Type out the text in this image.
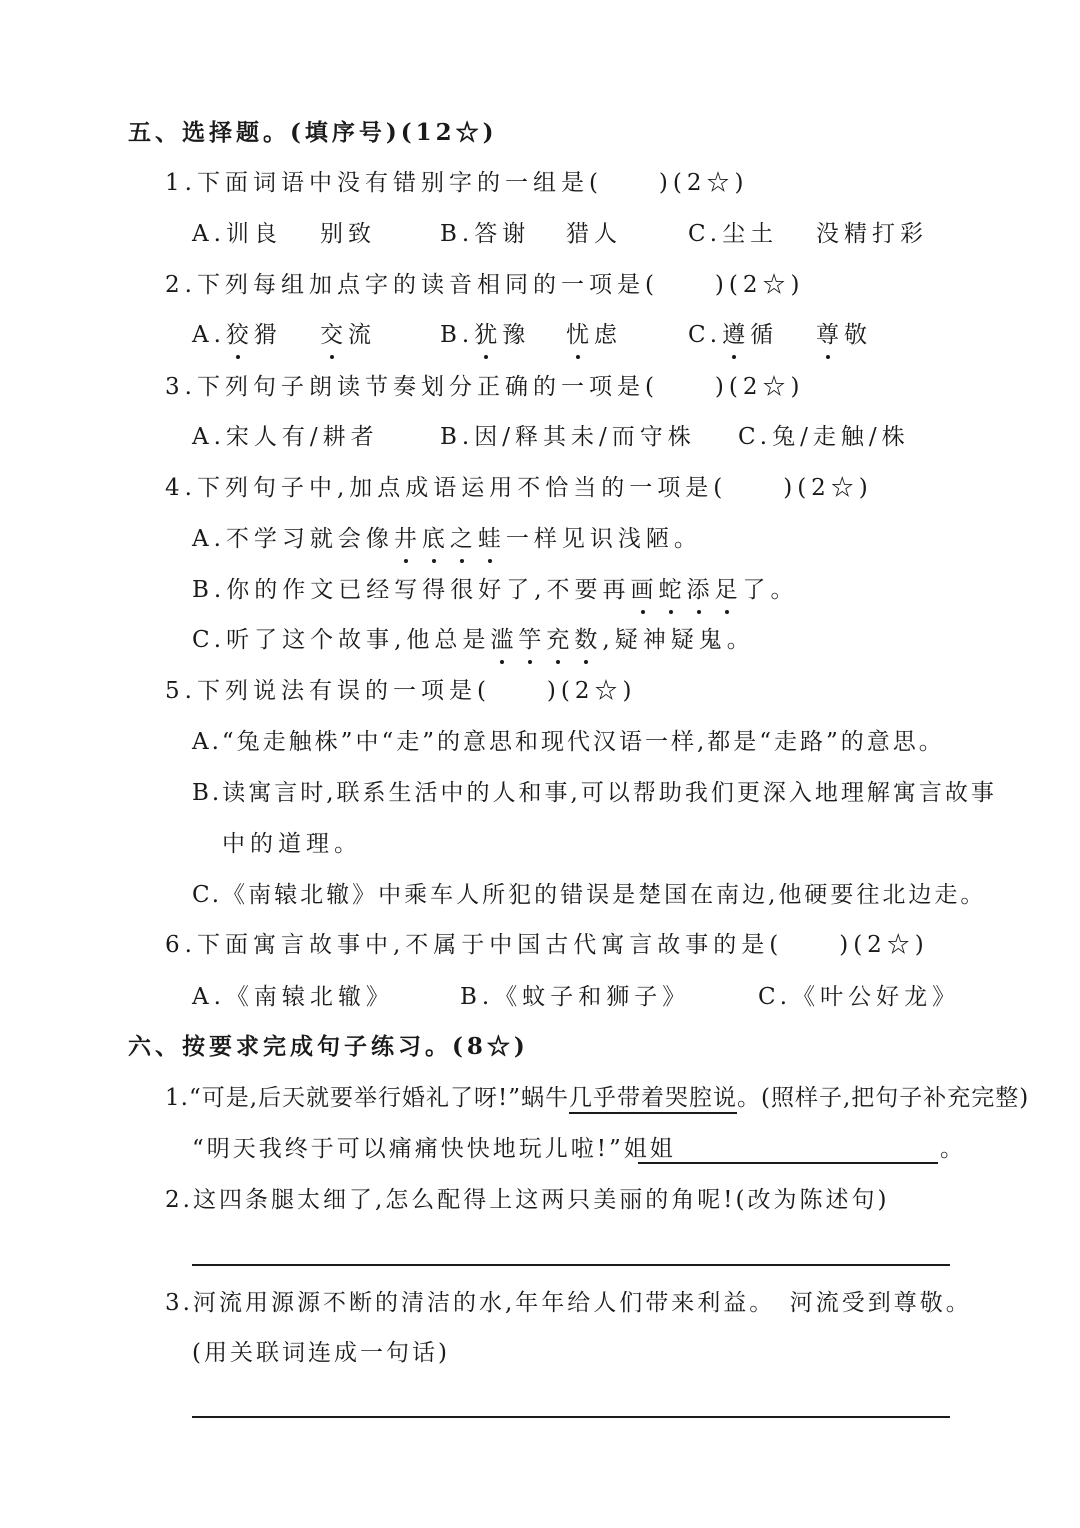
五、选择题。(填序号)(12☆)
1.下面词语中没有错别字的一组是(　　)(2☆)
A.训良 别致	B.答谢 猎人	C.尘土 没精打彩
2.下列每组加点字的读音相同的一项是(　　)(2☆)
A.狡猾 交流	B.犹豫 忧虑	C.遵循 尊敬
3.下列句子朗读节奏划分正确的一项是(　　)(2☆)
A.宋人有/耕者	B.因/释其未/而守株 C.兔/走触/株
4.下列句子中,加点成语运用不恰当的一项是(　　)(2☆)
A.不学习就会像井底之蛙一样见识浅陋。
B.你的作文已经写得很好了,不要再画蛇添足了。
C.听了这个故事,他总是滥竽充数,疑神疑鬼。
5.下列说法有误的一项是(　　)(2☆)
A.“兔走触株”中“走”的意思和现代汉语一样,都是“走路”的意思。
B.读寓言时,联系生活中的人和事,可以帮助我们更深入地理解寓言故事
中的道理。
C.《南辕北辙》中乘车人所犯的错误是楚国在南边,他硬要往北边走。
6.下面寓言故事中,不属于中国古代寓言故事的是(　　)(2☆)
A.《南辕北辙》	B.《蚊子和狮子》	C.《叶公好龙》
六、按要求完成句子练习。(8☆)
1.“可是,后天就要举行婚礼了呀!”蜗牛几乎带着哭腔说。(照样子,把句子补充完整)
“明天我终于可以痛痛快快地玩儿啦!”姐姐	。
2.这四条腿太细了,怎么配得上这两只美丽的角呢!(改为陈述句)
3.河流用源源不断的清洁的水,年年给人们带来利益。　河流受到尊敬。
(用关联词连成一句话)
